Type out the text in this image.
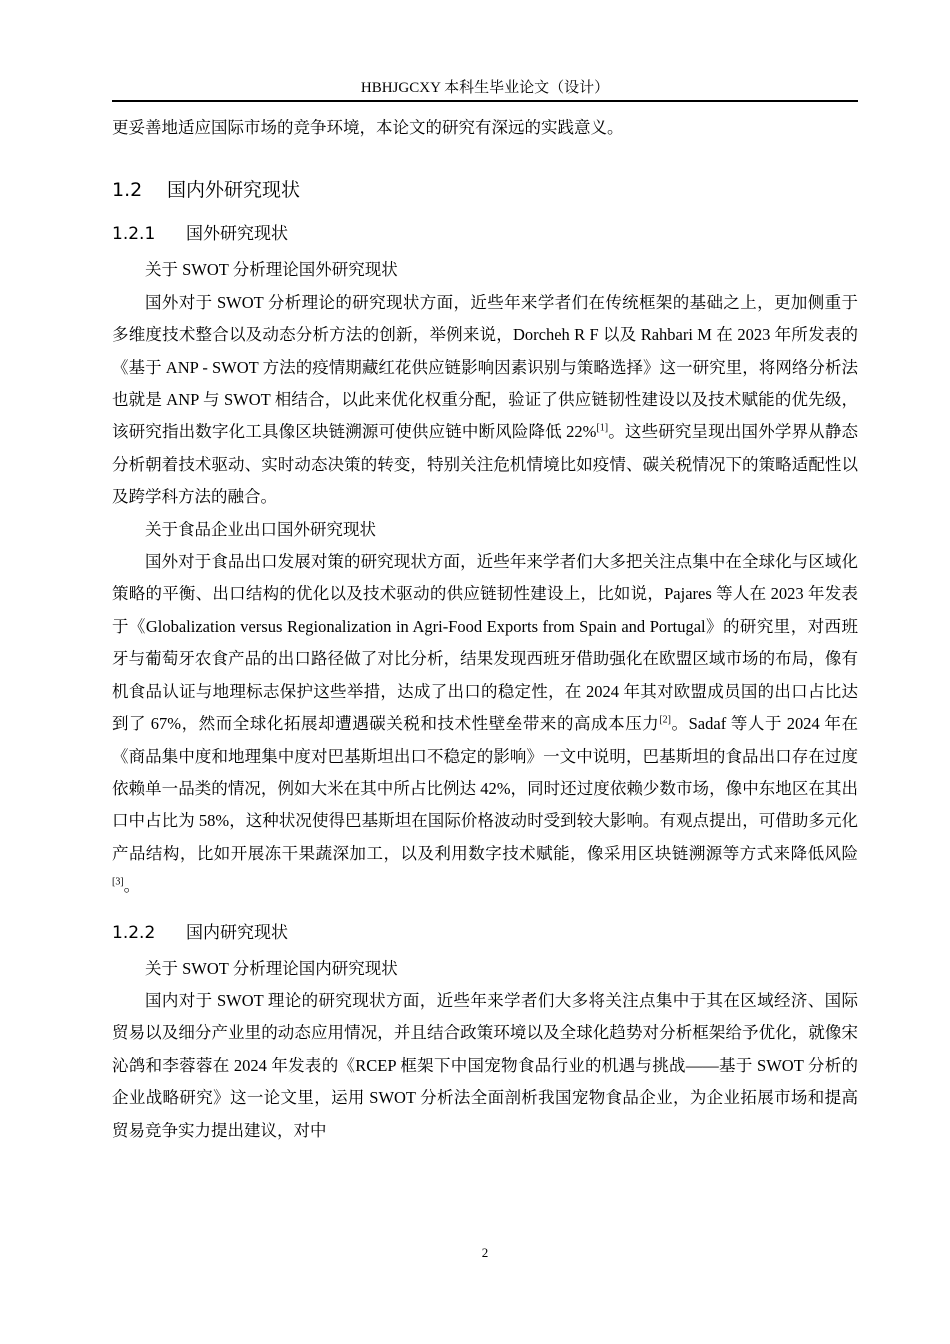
HBHJGCXY 本科生毕业论文（设计）

更妥善地适应国际市场的竞争环境，本论文的研究有深远的实践意义。

1.2 国内外研究现状
1.2.1 国外研究现状

关于 SWOT 分析理论国外研究现状

国外对于 SWOT 分析理论的研究现状方面，近些年来学者们在传统框架的基础之上，更加侧重于多维度技术整合以及动态分析方法的创新，举例来说，Dorcheh R F 以及 Rahbari M 在 2023 年所发表的《基于 ANP - SWOT 方法的疫情期藏红花供应链影响因素识别与策略选择》这一研究里，将网络分析法也就是 ANP 与 SWOT 相结合，以此来优化权重分配，验证了供应链韧性建设以及技术赋能的优先级，该研究指出数字化工具像区块链溯源可使供应链中断风险降低 22%[1]。这些研究呈现出国外学界从静态分析朝着技术驱动、实时动态决策的转变，特别关注危机情境比如疫情、碳关税情况下的策略适配性以及跨学科方法的融合。

关于食品企业出口国外研究现状

国外对于食品出口发展对策的研究现状方面，近些年来学者们大多把关注点集中在全球化与区域化策略的平衡、出口结构的优化以及技术驱动的供应链韧性建设上，比如说，Pajares 等人在 2023 年发表于《Globalization versus Regionalization in Agri-Food Exports from Spain and Portugal》的研究里，对西班牙与葡萄牙农食产品的出口路径做了对比分析，结果发现西班牙借助强化在欧盟区域市场的布局，像有机食品认证与地理标志保护这些举措，达成了出口的稳定性，在 2024 年其对欧盟成员国的出口占比达到了 67%，然而全球化拓展却遭遇碳关税和技术性壁垒带来的高成本压力[2]。Sadaf 等人于 2024 年在《商品集中度和地理集中度对巴基斯坦出口不稳定的影响》一文中说明，巴基斯坦的食品出口存在过度依赖单一品类的情况，例如大米在其中所占比例达 42%，同时还过度依赖少数市场，像中东地区在其出口中占比为 58%，这种状况使得巴基斯坦在国际价格波动时受到较大影响。有观点提出，可借助多元化产品结构，比如开展冻干果蔬深加工，以及利用数字技术赋能，像采用区块链溯源等方式来降低风险[3]。

1.2.2 国内研究现状

关于 SWOT 分析理论国内研究现状

国内对于 SWOT 理论的研究现状方面，近些年来学者们大多将关注点集中于其在区域经济、国际贸易以及细分产业里的动态应用情况，并且结合政策环境以及全球化趋势对分析框架给予优化，就像宋沁鸽和李蓉蓉在 2024 年发表的《RCEP 框架下中国宠物食品行业的机遇与挑战——基于 SWOT 分析的企业战略研究》这一论文里，运用 SWOT 分析法全面剖析我国宠物食品企业，为企业拓展市场和提高贸易竞争实力提出建议，对中

2
